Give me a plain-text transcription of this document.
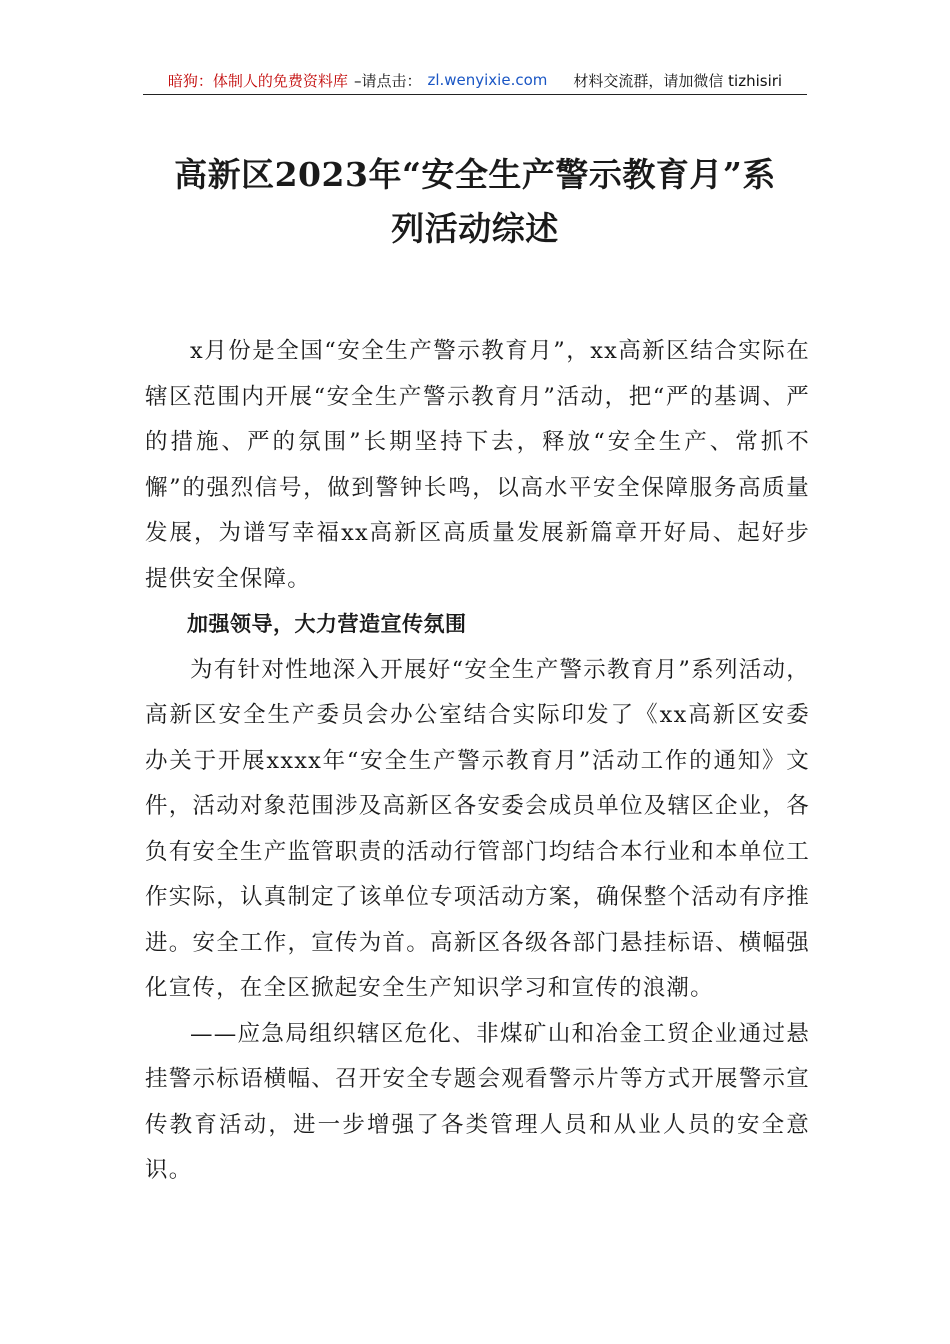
暗狗：体制人的免费资料库 –请点击： zl.wenyixie.com 材料交流群，请加微信 tizhisiri
高新区2023年“安全生产警示教育月”系
列活动综述

x月份是全国“安全生产警示教育月”，xx高新区结合实际在辖区范围内开展“安全生产警示教育月”活动，把“严的基调、严的措施、严的氛围”长期坚持下去，释放“安全生产、常抓不懈”的强烈信号，做到警钟长鸣，以高水平安全保障服务高质量发展，为谱写幸福xx高新区高质量发展新篇章开好局、起好步提供安全保障。

加强领导，大力营造宣传氛围

为有针对性地深入开展好“安全生产警示教育月”系列活动，高新区安全生产委员会办公室结合实际印发了《xx高新区安委办关于开展xxxx年“安全生产警示教育月”活动工作的通知》文件，活动对象范围涉及高新区各安委会成员单位及辖区企业，各负有安全生产监管职责的活动行管部门均结合本行业和本单位工作实际，认真制定了该单位专项活动方案，确保整个活动有序推进。安全工作，宣传为首。高新区各级各部门悬挂标语、横幅强化宣传，在全区掀起安全生产知识学习和宣传的浪潮。

——应急局组织辖区危化、非煤矿山和冶金工贸企业通过悬挂警示标语横幅、召开安全专题会观看警示片等方式开展警示宣传教育活动，进一步增强了各类管理人员和从业人员的安全意识。
